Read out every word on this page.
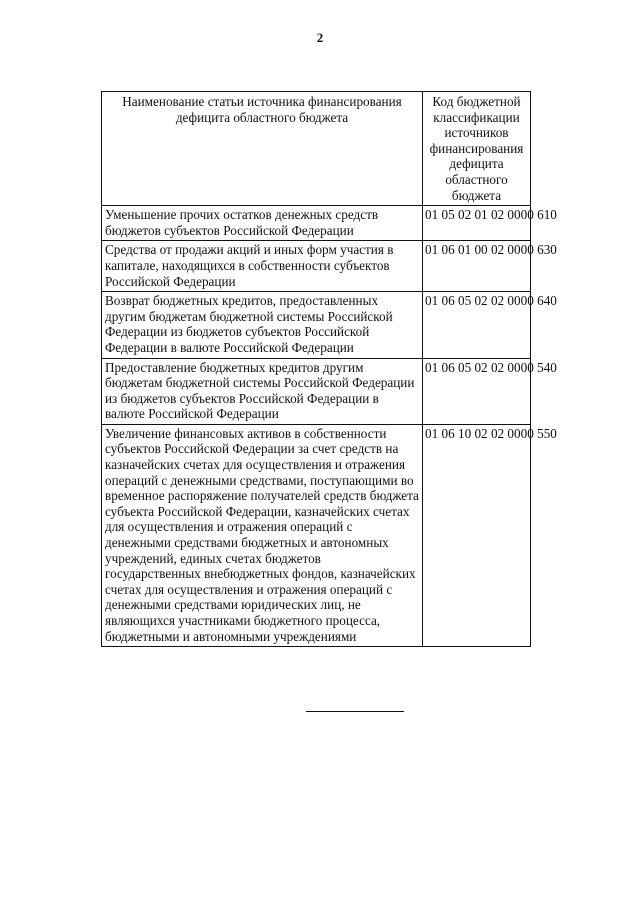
2
Наименование статьи источника финансирования дефицита областного бюджета	Код бюджетной классификации источников финансирования дефицита областного бюджета
Уменьшение прочих остатков денежных средств бюджетов субъектов Российской Федерации	01 05 02 01 02 0000 610
Средства от продажи акций и иных форм участия в капитале, находящихся в собственности субъектов Российской Федерации	01 06 01 00 02 0000 630
Возврат бюджетных кредитов, предоставленных другим бюджетам бюджетной системы Российской Федерации из бюджетов субъектов Российской Федерации в валюте Российской Федерации	01 06 05 02 02 0000 640
Предоставление бюджетных кредитов другим бюджетам бюджетной системы Российской Федерации из бюджетов субъектов Российской Федерации в валюте Российской Федерации	01 06 05 02 02 0000 540
Увеличение финансовых активов в собственности субъектов Российской Федерации за счет средств на казначейских счетах для осуществления и отражения операций с денежными средствами, поступающими во временное распоряжение получателей средств бюджета субъекта Российской Федерации, казначейских счетах для осуществления и отражения операций с денежными средствами бюджетных и автономных учреждений, единых счетах бюджетов государственных внебюджетных фондов, казначейских счетах для осуществления и отражения операций с денежными средствами юридических лиц, не являющихся участниками бюджетного процесса, бюджетными и автономными учреждениями	01 06 10 02 02 0000 550
